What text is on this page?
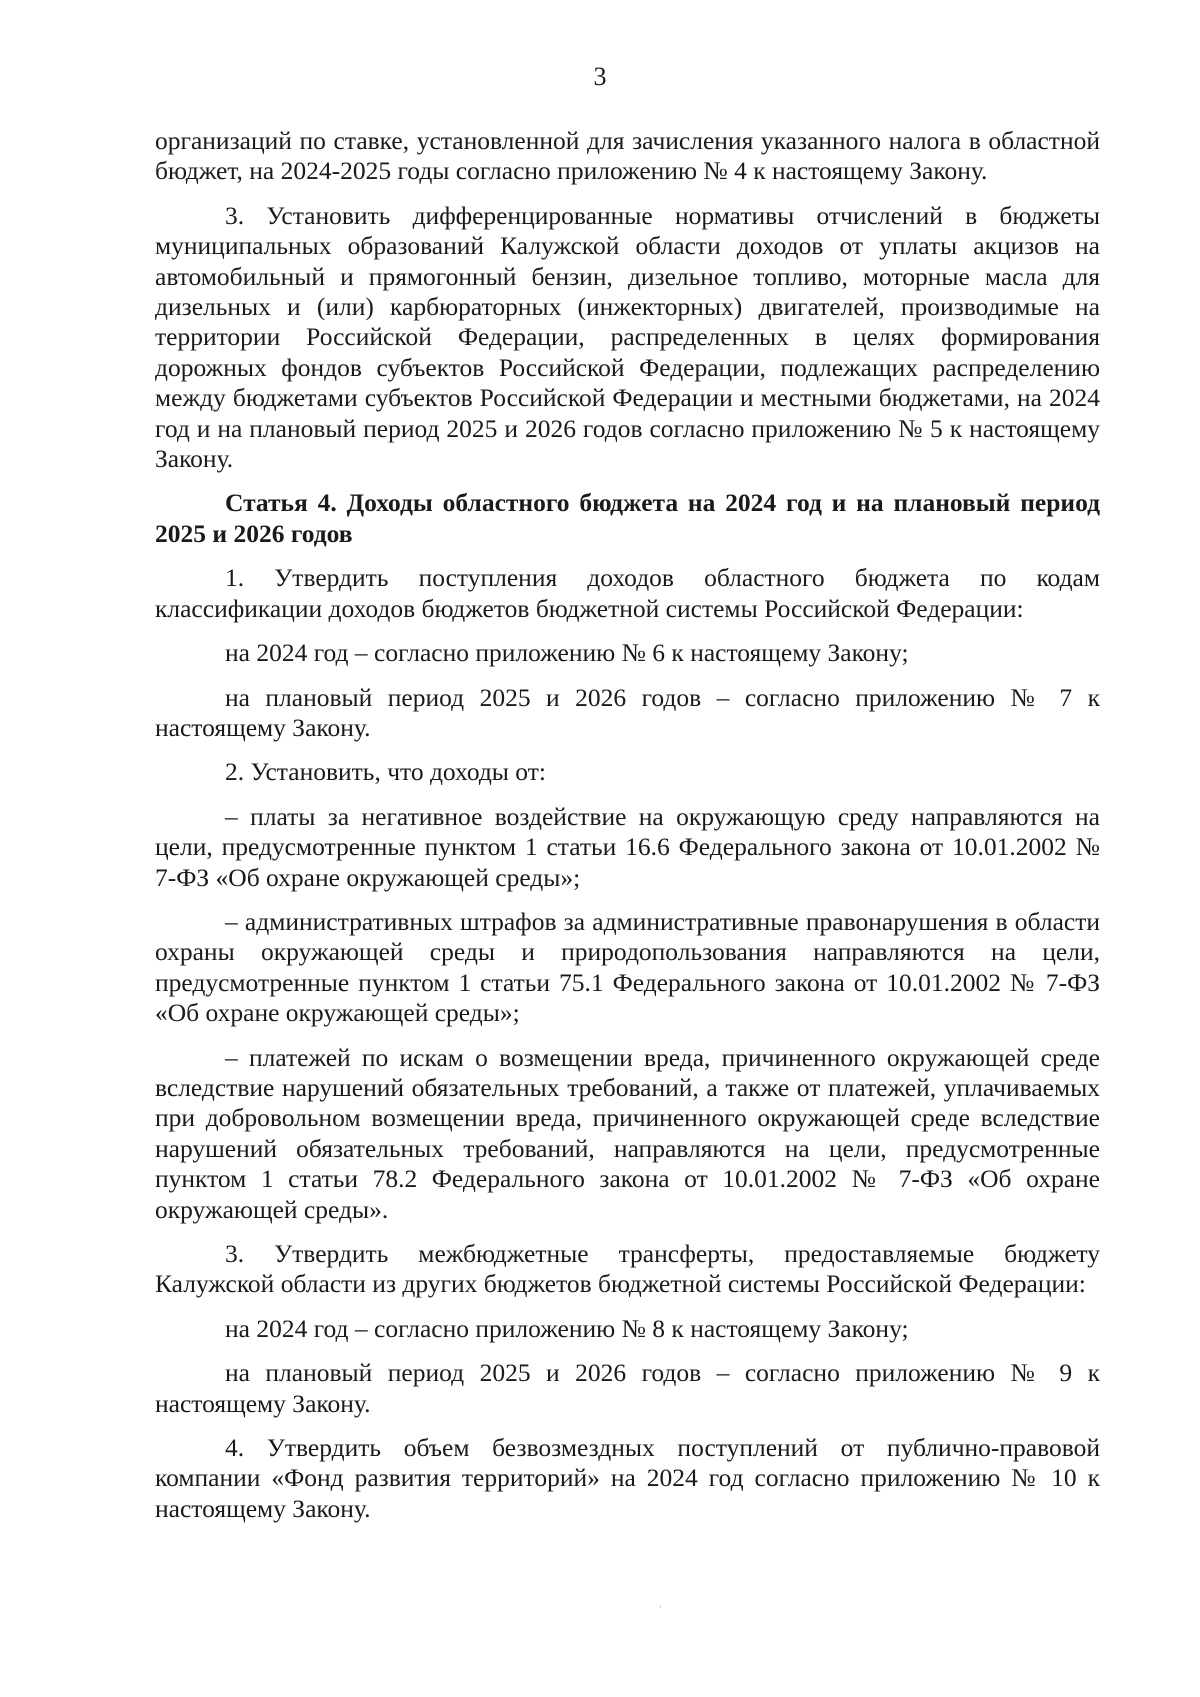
3

организаций по ставке, установленной для зачисления указанного налога в областной бюджет, на 2024-2025 годы согласно приложению № 4 к настоящему Закону.

3. Установить дифференцированные нормативы отчислений в бюджеты муниципальных образований Калужской области доходов от уплаты акцизов на автомобильный и прямогонный бензин, дизельное топливо, моторные масла для дизельных и (или) карбюраторных (инжекторных) двигателей, производимые на территории Российской Федерации, распределенных в целях формирования дорожных фондов субъектов Российской Федерации, подлежащих распределению между бюджетами субъектов Российской Федерации и местными бюджетами, на 2024 год и на плановый период 2025 и 2026 годов согласно приложению № 5 к настоящему Закону.

Статья 4. Доходы областного бюджета на 2024 год и на плановый период 2025 и 2026 годов

1. Утвердить поступления доходов областного бюджета по кодам классификации доходов бюджетов бюджетной системы Российской Федерации:

на 2024 год – согласно приложению № 6 к настоящему Закону;

на плановый период 2025 и 2026 годов – согласно приложению № 7 к настоящему Закону.

2. Установить, что доходы от:

– платы за негативное воздействие на окружающую среду направляются на цели, предусмотренные пунктом 1 статьи 16.6 Федерального закона от 10.01.2002 № 7-ФЗ «Об охране окружающей среды»;

– административных штрафов за административные правонарушения в области охраны окружающей среды и природопользования направляются на цели, предусмотренные пунктом 1 статьи 75.1 Федерального закона от 10.01.2002 № 7-ФЗ «Об охране окружающей среды»;

– платежей по искам о возмещении вреда, причиненного окружающей среде вследствие нарушений обязательных требований, а также от платежей, уплачиваемых при добровольном возмещении вреда, причиненного окружающей среде вследствие нарушений обязательных требований, направляются на цели, предусмотренные пунктом 1 статьи 78.2 Федерального закона от 10.01.2002 № 7-ФЗ «Об охране окружающей среды».

3. Утвердить межбюджетные трансферты, предоставляемые бюджету Калужской области из других бюджетов бюджетной системы Российской Федерации:

на 2024 год – согласно приложению № 8 к настоящему Закону;

на плановый период 2025 и 2026 годов – согласно приложению № 9 к настоящему Закону.

4. Утвердить объем безвозмездных поступлений от публично-правовой компании «Фонд развития территорий» на 2024 год согласно приложению № 10 к настоящему Закону.
